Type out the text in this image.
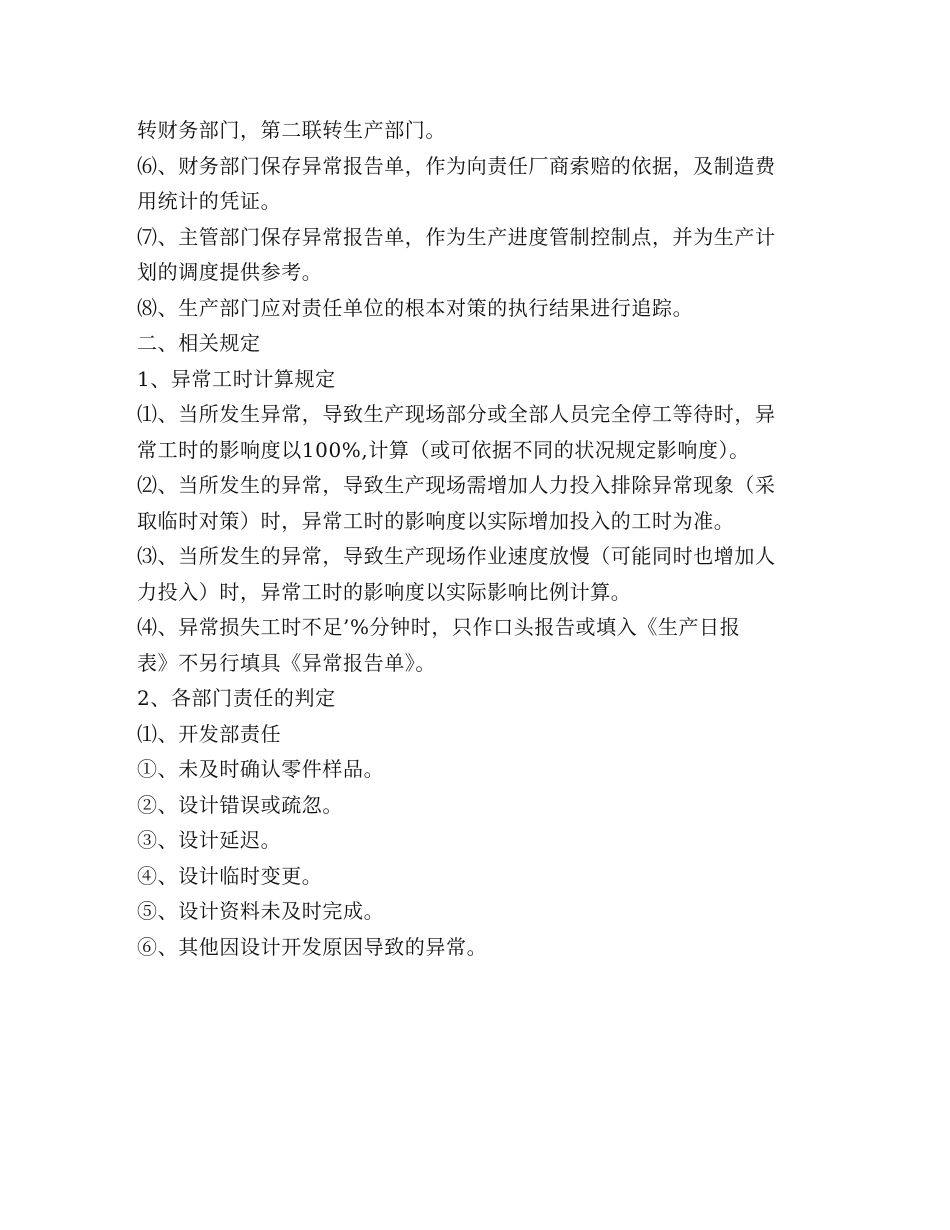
转财务部门，第二联转生产部门。
⑹、财务部门保存异常报告单，作为向责任厂商索赔的依据，及制造费
用统计的凭证。
⑺、主管部门保存异常报告单，作为生产进度管制控制点，并为生产计
划的调度提供参考。
⑻、生产部门应对责任单位的根本对策的执行结果进行追踪。
二、相关规定
1、异常工时计算规定
⑴、当所发生异常，导致生产现场部分或全部人员完全停工等待时，异
常工时的影响度以100%,计算（或可依据不同的状况规定影响度）。
⑵、当所发生的异常，导致生产现场需增加人力投入排除异常现象（采
取临时对策）时，异常工时的影响度以实际增加投入的工时为准。
⑶、当所发生的异常，导致生产现场作业速度放慢（可能同时也增加人
力投入）时，异常工时的影响度以实际影响比例计算。
⑷、异常损失工时不足’%分钟时，只作口头报告或填入《生产日报
表》不另行填具《异常报告单》。
2、各部门责任的判定
⑴、开发部责任
①、未及时确认零件样品。
②、设计错误或疏忽。
③、设计延迟。
④、设计临时变更。
⑤、设计资料未及时完成。
⑥、其他因设计开发原因导致的异常。
